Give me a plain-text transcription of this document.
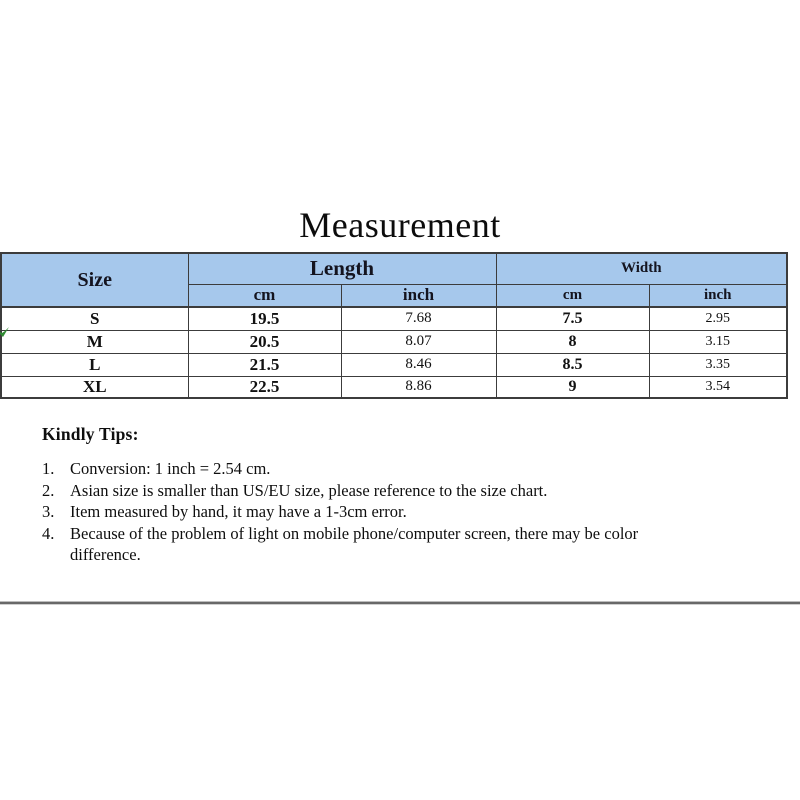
Measurement
Size	Length		Width	
	cm	inch	cm	inch
S	19.5	7.68	7.5	2.95
M	20.5	8.07	8	3.15
L	21.5	8.46	8.5	3.35
XL	22.5	8.86	9	3.54
Kindly Tips:
1. Conversion: 1 inch = 2.54 cm.
2. Asian size is smaller than US/EU size, please reference to the size chart.
3. Item measured by hand, it may have a 1-3cm error.
4. Because of the problem of light on mobile phone/computer screen, there may be color difference.
